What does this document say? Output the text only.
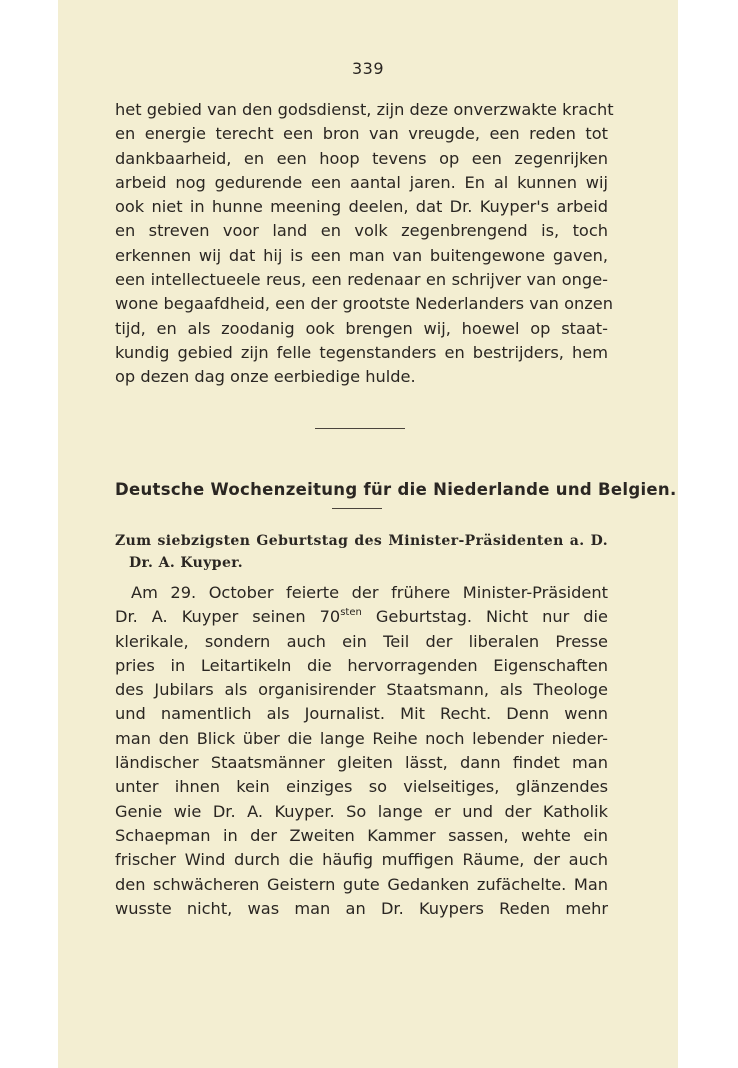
339
het gebied van den godsdienst, zijn deze onverzwakte kracht
en energie terecht een bron van vreugde, een reden tot
dankbaarheid, en een hoop tevens op een zegenrijken
arbeid nog gedurende een aantal jaren. En al kunnen wij
ook niet in hunne meening deelen, dat Dr. Kuyper's arbeid
en streven voor land en volk zegenbrengend is, toch
erkennen wij dat hij is een man van buitengewone gaven,
een intellectueele reus, een redenaar en schrijver van onge-
wone begaafdheid, een der grootste Nederlanders van onzen
tijd, en als zoodanig ook brengen wij, hoewel op staat-
kundig gebied zijn felle tegenstanders en bestrijders, hem
op dezen dag onze eerbiedige hulde.
Deutsche Wochenzeitung für die Niederlande und Belgien.
Zum siebzigsten Geburtstag des Minister-Präsidenten a. D.
Dr. A. Kuyper.
Am 29. October feierte der frühere Minister-Präsident
Dr. A. Kuyper seinen $70^{sten}$ Geburtstag. Nicht nur die
klerikale, sondern auch ein Teil der liberalen Presse
pries in Leitartikeln die hervorragenden Eigenschaften
des Jubilars als organisirender Staatsmann, als Theologe
und namentlich als Journalist. Mit Recht. Denn wenn
man den Blick über die lange Reihe noch lebender nieder-
ländischer Staatsmänner gleiten lässt, dann findet man
unter ihnen kein einziges so vielseitiges, glänzendes
Genie wie Dr. A. Kuyper. So lange er und der Katholik
Schaepman in der Zweiten Kammer sassen, wehte ein
frischer Wind durch die häufig muffigen Räume, der auch
den schwächeren Geistern gute Gedanken zufächelte. Man
wusste nicht, was man an Dr. Kuypers Reden mehr
